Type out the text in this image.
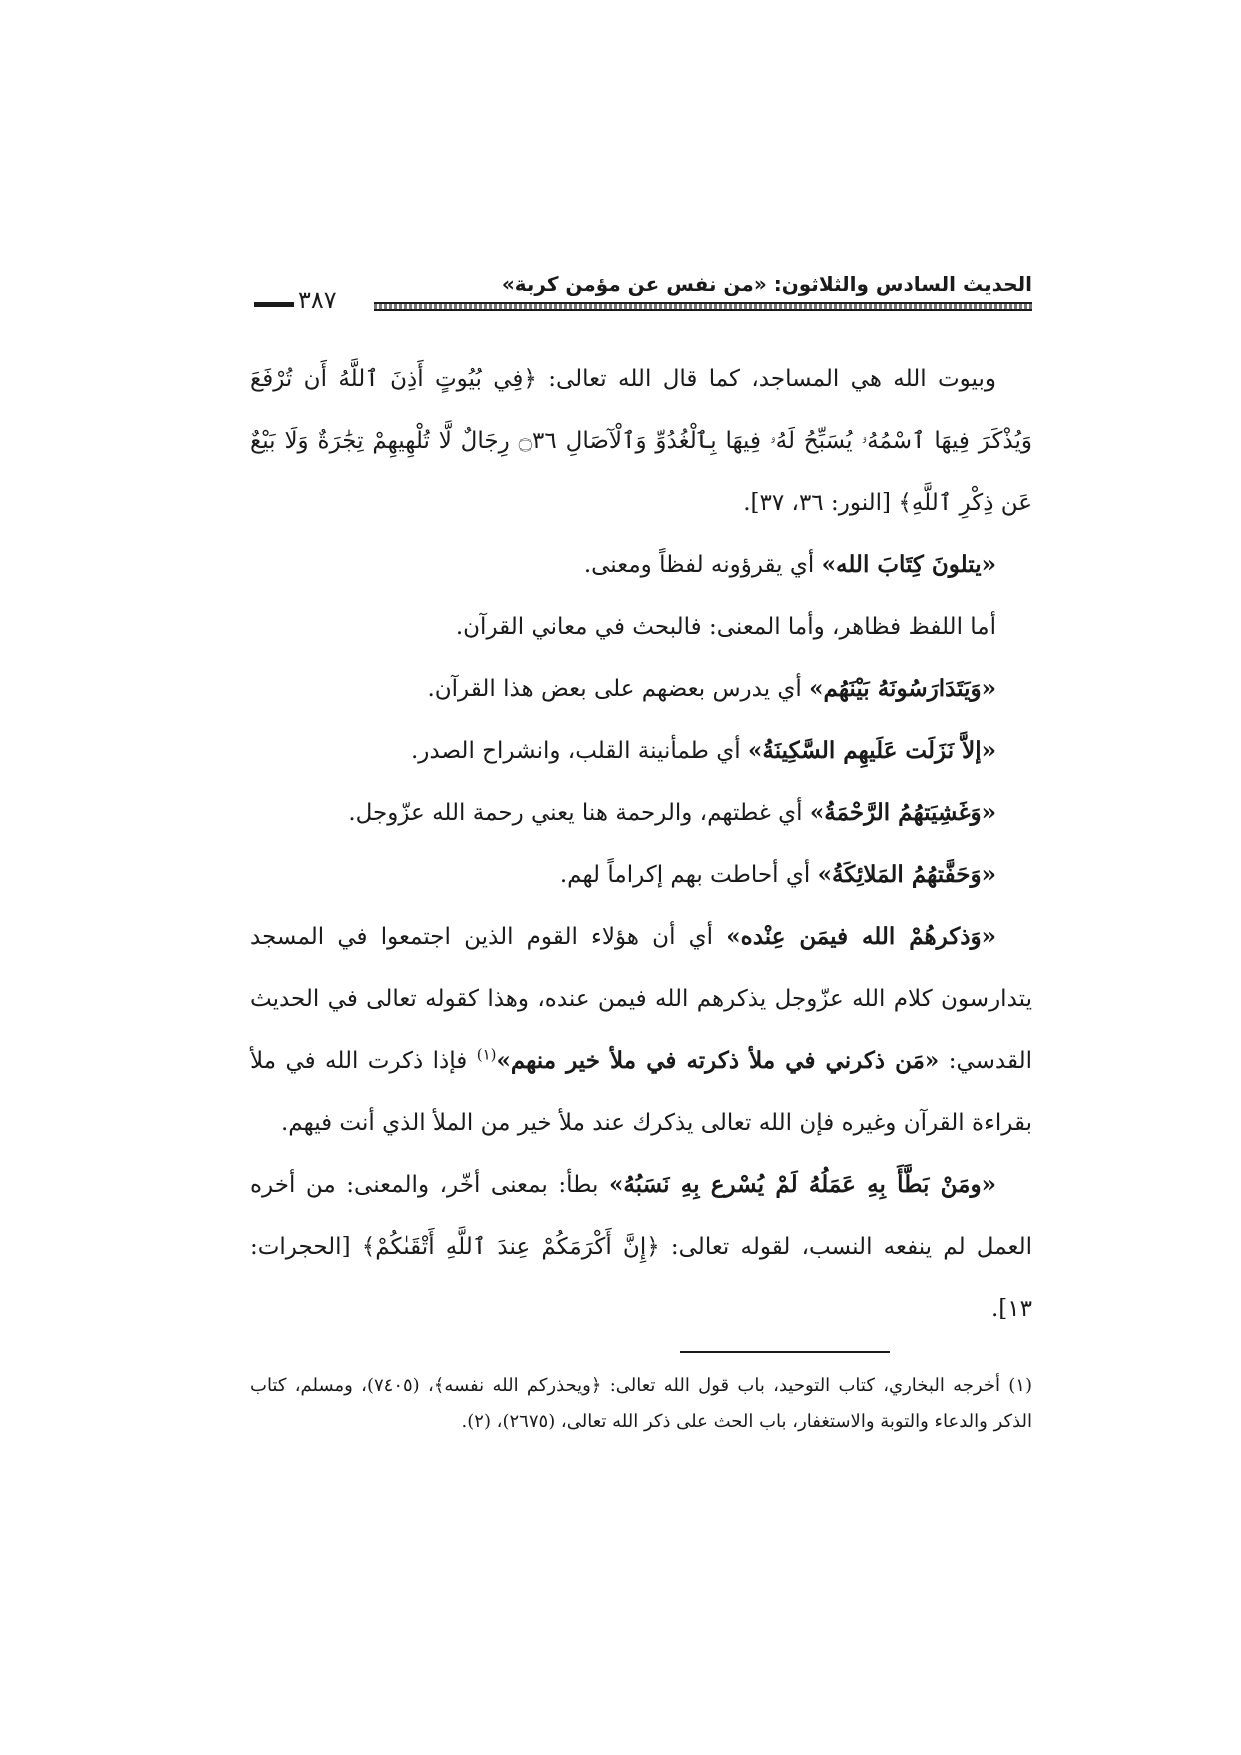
الحديث السادس والثلاثون: «من نفس عن مؤمن كربة»
٣٨٧

وبيوت الله هي المساجد، كما قال الله تعالى: ﴿فِي بُيُوتٍ أَذِنَ ٱللَّهُ أَن تُرْفَعَ وَيُذْكَرَ فِيهَا ٱسْمُهُۥ يُسَبِّحُ لَهُۥ فِيهَا بِٱلْغُدُوِّ وَٱلْآصَالِ ۝٣٦ رِجَالٌ لَّا تُلْهِيهِمْ تِجَٰرَةٌ وَلَا بَيْعٌ عَن ذِكْرِ ٱللَّهِ﴾ [النور: ٣٦، ٣٧].

«يتلونَ كِتَابَ الله» أي يقرؤونه لفظاً ومعنى.

أما اللفظ فظاهر، وأما المعنى: فالبحث في معاني القرآن.

«وَيَتَدَارَسُونَهُ بَيْنَهُم» أي يدرس بعضهم على بعض هذا القرآن.

«إلاَّ نَزَلَت عَلَيهِم السَّكِينَةُ» أي طمأنينة القلب، وانشراح الصدر.

«وَغَشِيَتهُمُ الرَّحْمَةُ» أي غطتهم، والرحمة هنا يعني رحمة الله عزّوجل.

«وَحَفَّتهُمُ المَلائِكَةُ» أي أحاطت بهم إكراماً لهم.

«وَذكرهُمْ الله فيمَن عِنْده» أي أن هؤلاء القوم الذين اجتمعوا في المسجد يتدارسون كلام الله عزّوجل يذكرهم الله فيمن عنده، وهذا كقوله تعالى في الحديث القدسي: «مَن ذكرني في ملأ ذكرته في ملأ خير منهم»$^{(١)}$ فإذا ذكرت الله في ملأ بقراءة القرآن وغيره فإن الله تعالى يذكرك عند ملأ خير من الملأ الذي أنت فيهم.

«ومَنْ بَطَّأَ بِهِ عَمَلُهُ لَمْ يُسْرع بِهِ نَسَبُهُ» بطأ: بمعنى أخّر، والمعنى: من أخره العمل لم ينفعه النسب، لقوله تعالى: ﴿إِنَّ أَكْرَمَكُمْ عِندَ ٱللَّهِ أَتْقَىٰكُمْ﴾ [الحجرات: ١٣].

(١) أخرجه البخاري، كتاب التوحيد، باب قول الله تعالى: ﴿ويحذركم الله نفسه﴾، (٧٤٠٥)، ومسلم، كتاب الذكر والدعاء والتوبة والاستغفار، باب الحث على ذكر الله تعالى، (٢٦٧٥)، (٢).
